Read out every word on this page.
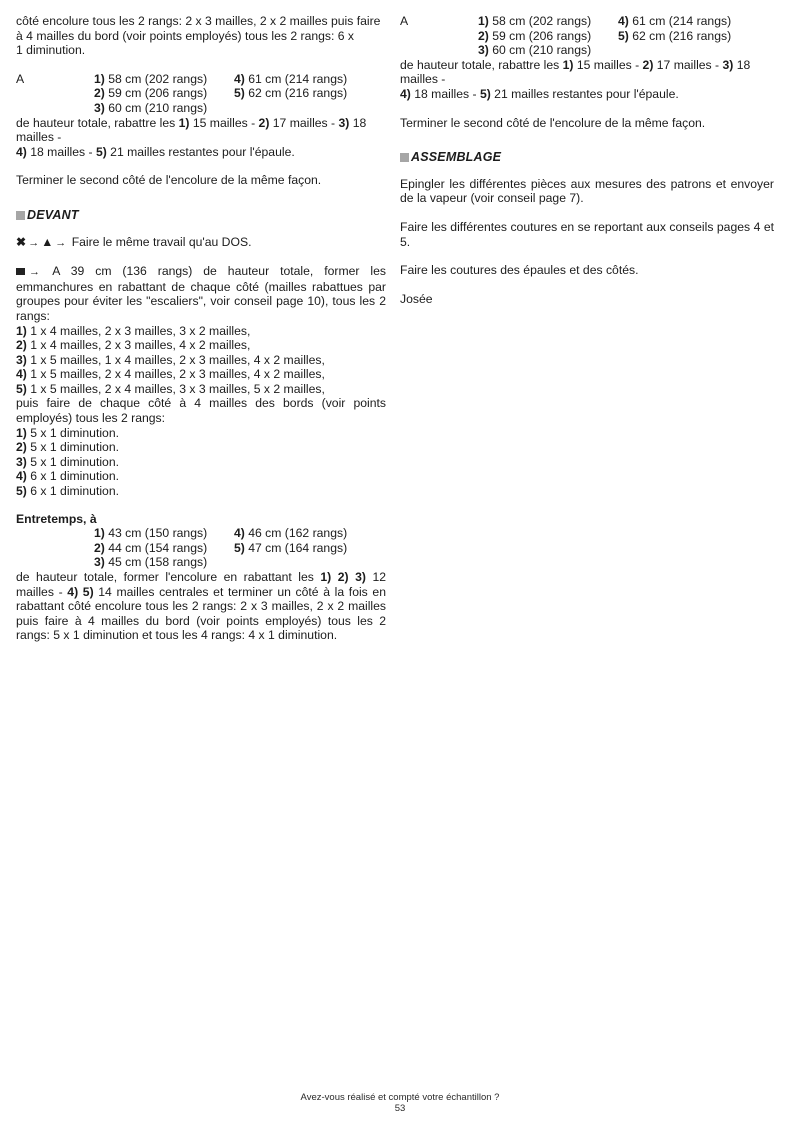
côté encolure tous les 2 rangs: 2 x 3 mailles, 2 x 2 mailles puis faire
à 4 mailles du bord (voir points employés) tous les 2 rangs: 6 x
1 diminution.

A	1) 58 cm (202 rangs)
2) 59 cm (206 rangs)
3) 60 cm (210 rangs)
4) 61 cm (214 rangs)
5) 62 cm (216 rangs)

de hauteur totale, rabattre les 1) 15 mailles - 2) 17 mailles - 3) 18 mailles -
4) 18 mailles - 5) 21 mailles restantes pour l'épaule.

Terminer le second côté de l'encolure de la même façon.

DEVANT

✖ → ▲ → Faire le même travail qu'au DOS.

→ A 39 cm (136 rangs) de hauteur totale, former les emmanchures en rabattant de chaque côté (mailles rabattues par groupes pour éviter les "escaliers", voir conseil page 10), tous les 2 rangs:

1) 1 x 4 mailles, 2 x 3 mailles, 3 x 2 mailles,
2) 1 x 4 mailles, 2 x 3 mailles, 4 x 2 mailles,
3) 1 x 5 mailles, 1 x 4 mailles, 2 x 3 mailles, 4 x 2 mailles,
4) 1 x 5 mailles, 2 x 4 mailles, 2 x 3 mailles, 4 x 2 mailles,
5) 1 x 5 mailles, 2 x 4 mailles, 3 x 3 mailles, 5 x 2 mailles,

puis faire de chaque côté à 4 mailles des bords (voir points employés) tous les 2 rangs:

1) 5 x 1 diminution.
2) 5 x 1 diminution.
3) 5 x 1 diminution.
4) 6 x 1 diminution.
5) 6 x 1 diminution.

Entretemps, à

1) 43 cm (150 rangs)
2) 44 cm (154 rangs)
3) 45 cm (158 rangs)
4) 46 cm (162 rangs)
5) 47 cm (164 rangs)

de hauteur totale, former l'encolure en rabattant les 1) 2) 3) 12 mailles - 4) 5) 14 mailles centrales et terminer un côté à la fois en rabattant côté encolure tous les 2 rangs: 2 x 3 mailles, 2 x 2 mailles puis faire à 4 mailles du bord (voir points employés) tous les 2 rangs: 5 x 1 diminution et tous les 4 rangs: 4 x 1 diminution.

A	1) 58 cm (202 rangs)
2) 59 cm (206 rangs)
3) 60 cm (210 rangs)
4) 61 cm (214 rangs)
5) 62 cm (216 rangs)

de hauteur totale, rabattre les 1) 15 mailles - 2) 17 mailles - 3) 18 mailles -
4) 18 mailles - 5) 21 mailles restantes pour l'épaule.

Terminer le second côté de l'encolure de la même façon.

ASSEMBLAGE

Epingler les différentes pièces aux mesures des patrons et envoyer de la vapeur (voir conseil page 7).

Faire les différentes coutures en se reportant aux conseils pages 4 et 5.

Faire les coutures des épaules et des côtés.

Josée

Avez-vous réalisé et compté votre échantillon ?
53
